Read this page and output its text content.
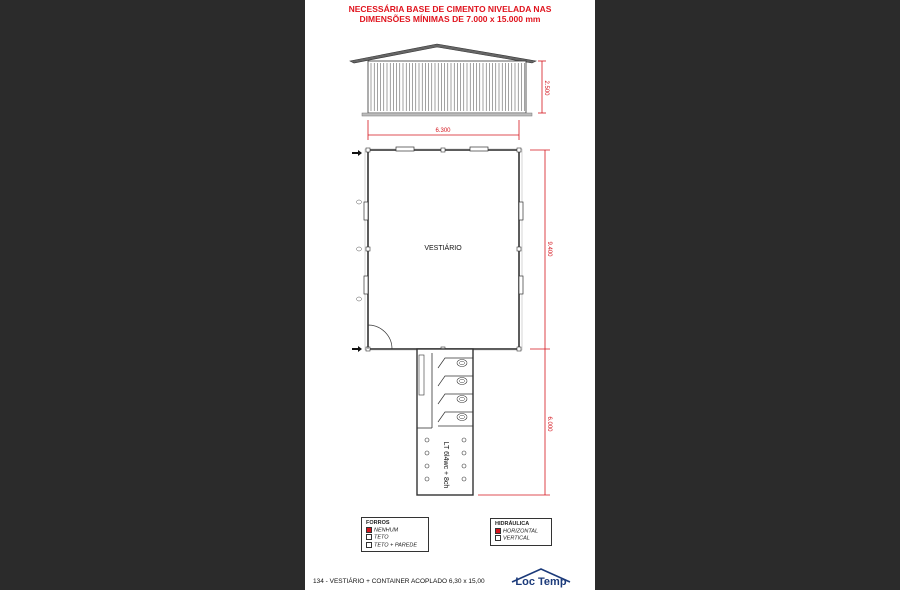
NECESSÁRIA BASE DE CIMENTO NIVELADA NAS
DIMENSÕES MÍNIMAS DE 7.000 x 15.000 mm
2.500
6.300
VESTIÁRIO	9.400
LT 6l4wc + 8ch
6.000
FORROS
NENHUM
TETO
TETO + PAREDE
HIDRÁULICA
HORIZONTAL
VERTICAL
134 - VESTIÁRIO + CONTAINER ACOPLADO 6,30 x 15,00	Loc Temp
